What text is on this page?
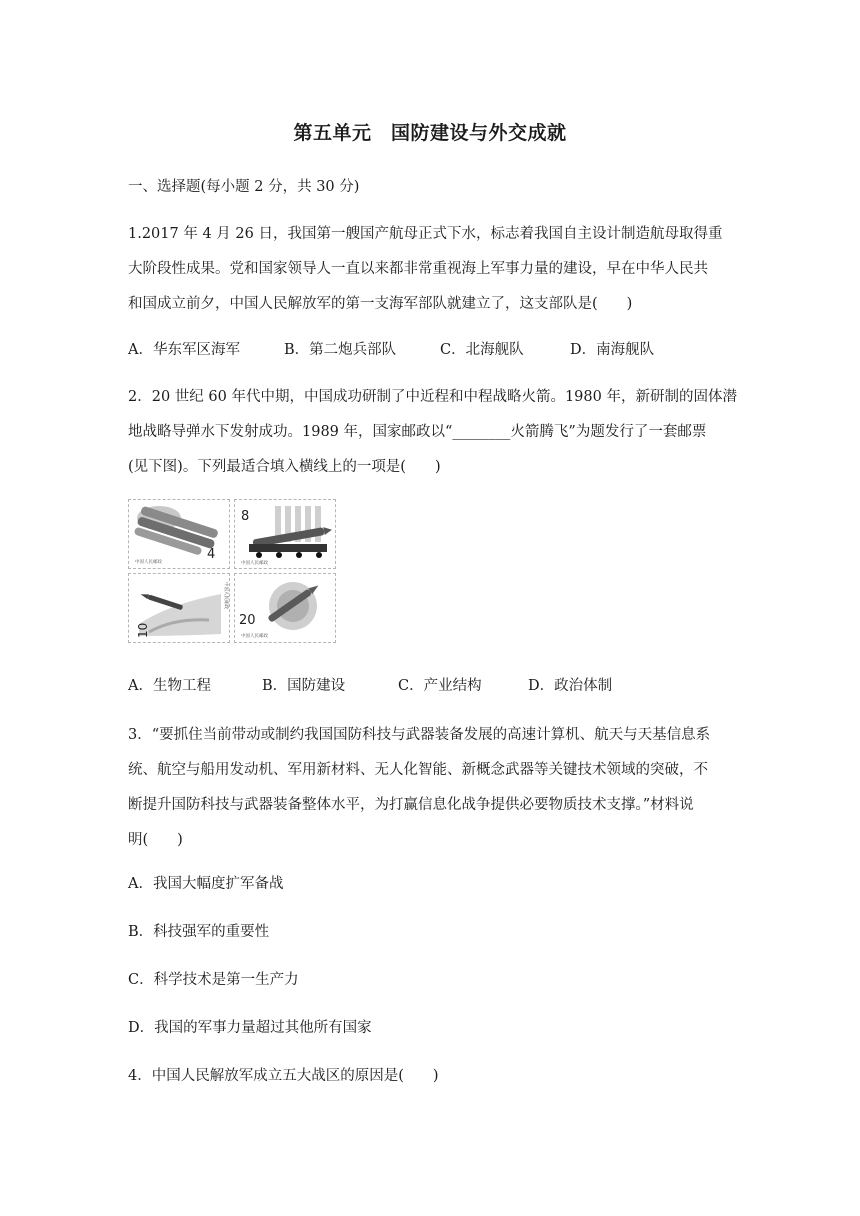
第五单元　国防建设与外交成就
一、选择题(每小题 2 分，共 30 分)
1.2017 年 4 月 26 日，我国第一艘国产航母正式下水，标志着我国自主设计制造航母取得重
大阶段性成果。党和国家领导人一直以来都非常重视海上军事力量的建设，早在中华人民共
和国成立前夕，中国人民解放军的第一支海军部队就建立了，这支部队是(　　)
A．华东军区海军	B．第二炮兵部队	C．北海舰队	D．南海舰队
2．20 世纪 60 年代中期，中国成功研制了中近程和中程战略火箭。1980 年，新研制的固体潜
地战略导弹水下发射成功。1989 年，国家邮政以“________火箭腾飞”为题发行了一套邮票
(见下图)。下列最适合填入横线上的一项是(　　)
4
中国人民邮政
8
中国人民邮政
10
中国人民邮政
20
中国人民邮政
A．生物工程	B．国防建设	C．产业结构	D．政治体制
3．“要抓住当前带动或制约我国国防科技与武器装备发展的高速计算机、航天与天基信息系
统、航空与船用发动机、军用新材料、无人化智能、新概念武器等关键技术领域的突破，不
断提升国防科技与武器装备整体水平，为打赢信息化战争提供必要物质技术支撑。”材料说
明(　　)
A．我国大幅度扩军备战
B．科技强军的重要性
C．科学技术是第一生产力
D．我国的军事力量超过其他所有国家
4．中国人民解放军成立五大战区的原因是(　　)
